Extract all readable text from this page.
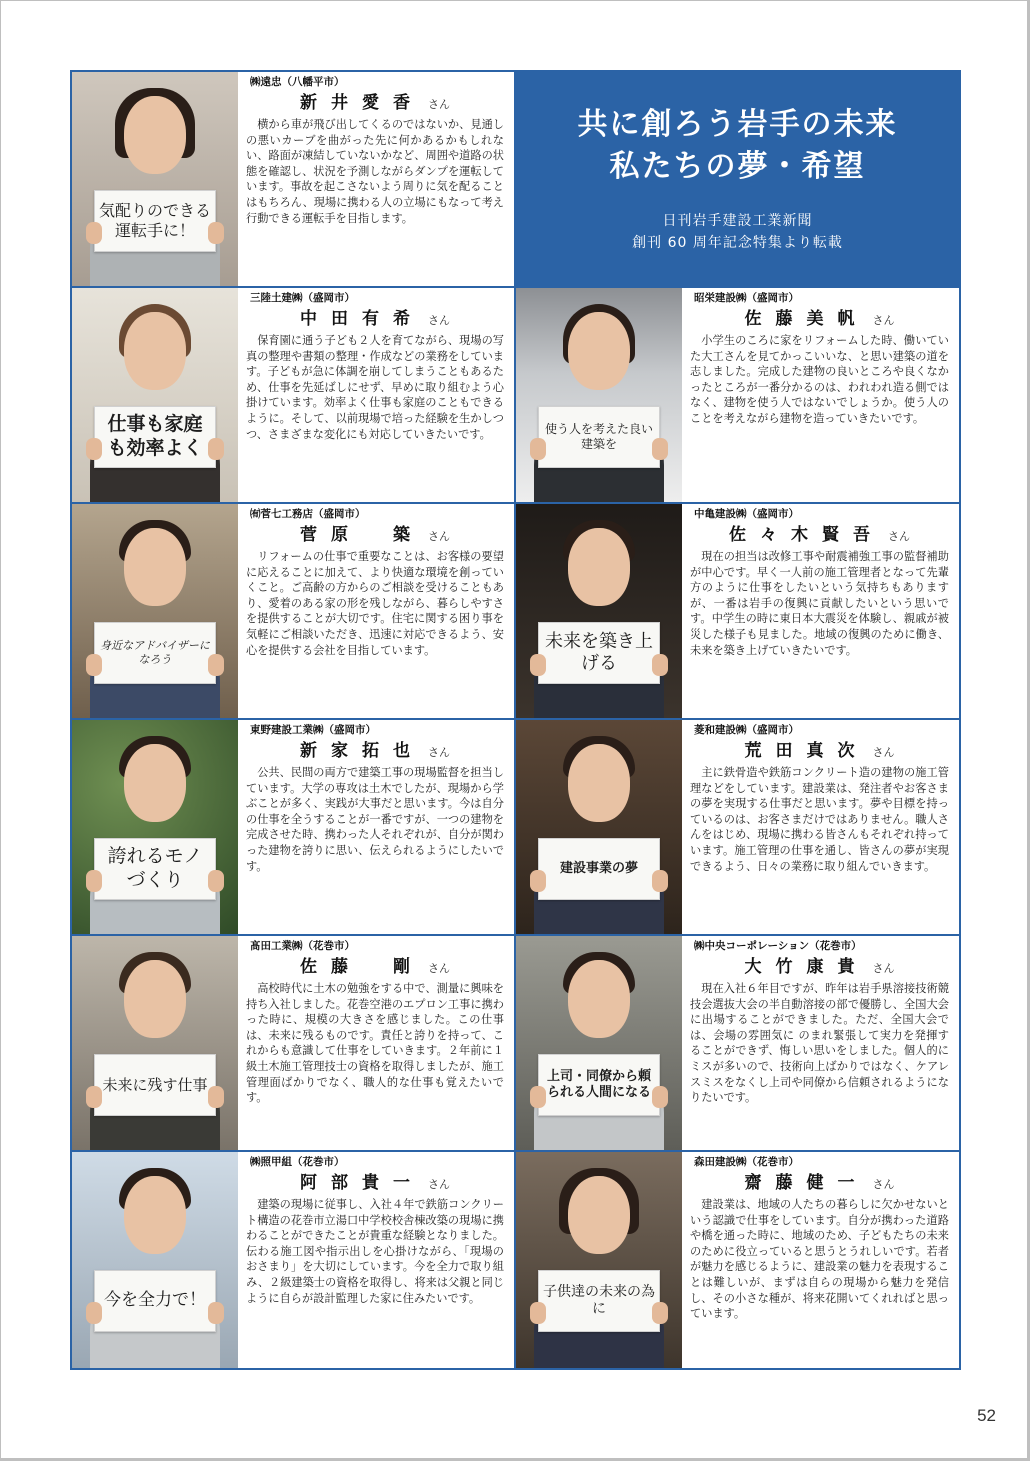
気配りのできる運転手に！
㈱遠忠（八幡平市）
新井愛香 さん
横から車が飛び出してくるのではないか、見通しの悪いカーブを曲がった先に何かあるかもしれない、路面が凍結していないかなど、周囲や道路の状態を確認し、状況を予測しながらダンプを運転しています。事故を起こさないよう周りに気を配ることはもちろん、現場に携わる人の立場にもなって考え行動できる運転手を目指します。
共に創ろう岩手の未来
私たちの夢・希望
日刊岩手建設工業新聞
創刊 60 周年記念特集より転載
仕事も家庭も効率よく
三陸土建㈱（盛岡市）
中田有希 さん
保育園に通う子ども２人を育てながら、現場の写真の整理や書類の整理・作成などの業務をしています。子どもが急に体調を崩してしまうこともあるため、仕事を先延ばしにせず、早めに取り組むよう心掛けています。効率よく仕事も家庭のこともできるように。そして、以前現場で培った経験を生かしつつ、さまざまな変化にも対応していきたいです。	使う人を考えた良い建築を
昭栄建設㈱（盛岡市）
佐藤美帆 さん
小学生のころに家をリフォームした時、働いていた大工さんを見てかっこいいな、と思い建築の道を志しました。完成した建物の良いところや良くなかったところが一番分かるのは、われわれ造る側ではなく、建物を使う人ではないでしょうか。使う人のことを考えながら建物を造っていきたいです。
身近なアドバイザーになろう
㈲菅七工務店（盛岡市）
菅原　築 さん
リフォームの仕事で重要なことは、お客様の要望に応えることに加えて、より快適な環境を創っていくこと。ご高齢の方からのご相談を受けることもあり、愛着のある家の形を残しながら、暮らしやすさを提供することが大切です。住宅に関する困り事を気軽にご相談いただき、迅速に対応できるよう、安心を提供する会社を目指しています。	未来を築き上げる
中亀建設㈱（盛岡市）
佐々木賢吾 さん
現在の担当は改修工事や耐震補強工事の監督補助が中心です。早く一人前の施工管理者となって先輩方のように仕事をしたいという気持ちもありますが、一番は岩手の復興に貢献したいという思いです。中学生の時に東日本大震災を体験し、親戚が被災した様子も見ました。地域の復興のために働き、未来を築き上げていきたいです。
誇れるモノづくり
東野建設工業㈱（盛岡市）
新家拓也 さん
公共、民間の両方で建築工事の現場監督を担当しています。大学の専攻は土木でしたが、現場から学ぶことが多く、実践が大事だと思います。今は自分の仕事を全うすることが一番ですが、一つの建物を完成させた時、携わった人それぞれが、自分が関わった建物を誇りに思い、伝えられるようにしたいです。	建設事業の夢
菱和建設㈱（盛岡市）
荒田真次 さん
主に鉄骨造や鉄筋コンクリート造の建物の施工管理などをしています。建設業は、発注者やお客さまの夢を実現する仕事だと思います。夢や目標を持っているのは、お客さまだけではありません。職人さんをはじめ、現場に携わる皆さんもそれぞれ持っています。施工管理の仕事を通し、皆さんの夢が実現できるよう、日々の業務に取り組んでいきます。
未来に残す仕事
髙田工業㈱（花巻市）
佐藤　剛 さん
高校時代に土木の勉強をする中で、測量に興味を持ち入社しました。花巻空港のエプロン工事に携わった時に、規模の大きさを感じました。この仕事は、未来に残るものです。責任と誇りを持って、これからも意識して仕事をしていきます。２年前に１級土木施工管理技士の資格を取得しましたが、施工管理面ばかりでなく、職人的な仕事も覚えたいです。
上司・同僚から頼られる人間になる
㈱中央コーポレーション（花巻市）
大竹康貴 さん
現在入社６年目ですが、昨年は岩手県溶接技術競技会選抜大会の半自動溶接の部で優勝し、全国大会に出場することができました。ただ、全国大会では、会場の雰囲気に のまれ緊張して実力を発揮することができず、悔しい思いをしました。個人的にミスが多いので、技術向上ばかりではなく、ケアレスミスをなくし上司や同僚から信頼されるようになりたいです。
今を全力で！
㈱照甲組（花巻市）
阿部貴一 さん
建築の現場に従事し、入社４年で鉄筋コンクリート構造の花巻市立湯口中学校校舎棟改築の現場に携わることができたことが貴重な経験となりました。伝わる施工図や指示出しを心掛けながら、「現場のおさまり」を大切にしています。今を全力で取り組み、２級建築士の資格を取得し、将来は父親と同じように自らが設計監理した家に住みたいです。	子供達の未来の為に
森田建設㈱（花巻市）
齋藤健一 さん
建設業は、地域の人たちの暮らしに欠かせないという認識で仕事をしています。自分が携わった道路や橋を通った時に、地域のため、子どもたちの未来のために役立っていると思うとうれしいです。若者が魅力を感じるように、建設業の魅力を表現することは難しいが、まずは自らの現場から魅力を発信し、その小さな種が、将来花開いてくれればと思っています。
52
